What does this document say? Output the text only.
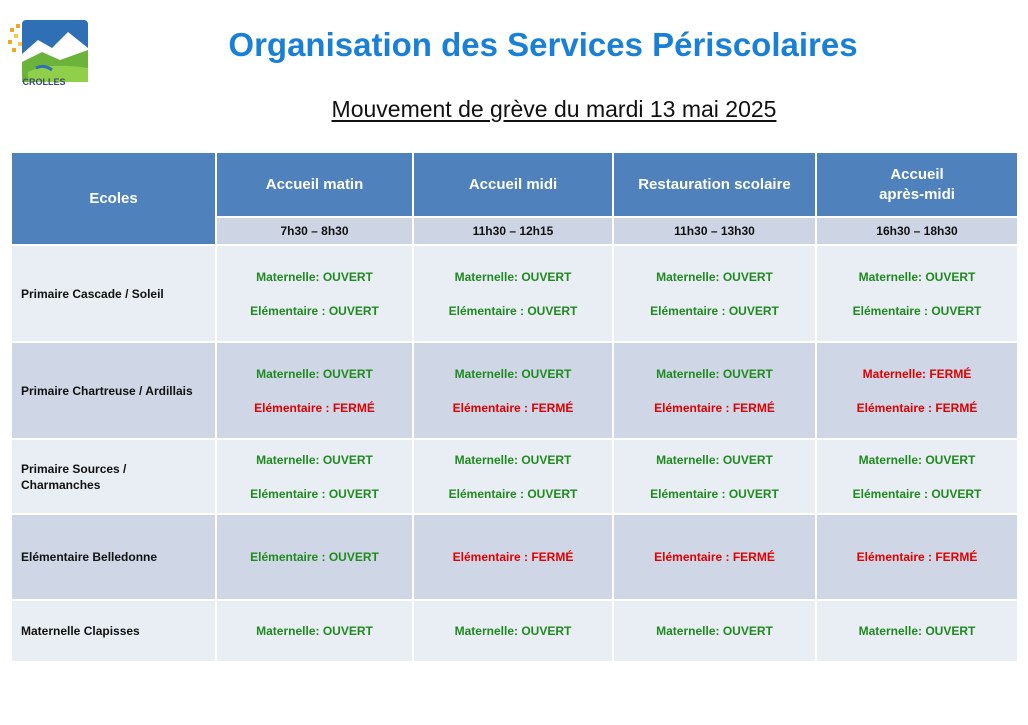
CROLLES
Organisation des Services Périscolaires
Mouvement de grève du mardi 13 mai 2025
Ecoles	Accueil matin	Accueil midi	Restauration scolaire	Accueil
après-midi

	7h30 – 8h30	11h30 – 12h15	11h30 – 13h30	16h30 – 18h30
Primaire Cascade / Soleil	Maternelle: OUVERT
Elémentaire : OUVERT	Maternelle: OUVERT
Elémentaire : OUVERT	Maternelle: OUVERT
Elémentaire : OUVERT	Maternelle: OUVERT
Elémentaire : OUVERT

Primaire Chartreuse / Ardillais	Maternelle: OUVERT
Elémentaire : FERMÉ	Maternelle: OUVERT
Elémentaire : FERMÉ	Maternelle: OUVERT
Elémentaire : FERMÉ	Maternelle: FERMÉ
Elémentaire : FERMÉ

Primaire Sources /
Charmanches	Maternelle: OUVERT
Elémentaire : OUVERT	Maternelle: OUVERT
Elémentaire : OUVERT	Maternelle: OUVERT
Elémentaire : OUVERT	Maternelle: OUVERT
Elémentaire : OUVERT

Elémentaire Belledonne	Elémentaire : OUVERT	Elémentaire : FERMÉ	Elémentaire : FERMÉ	Elémentaire : FERMÉ

Maternelle Clapisses	Maternelle: OUVERT	Maternelle: OUVERT	Maternelle: OUVERT	Maternelle: OUVERT
